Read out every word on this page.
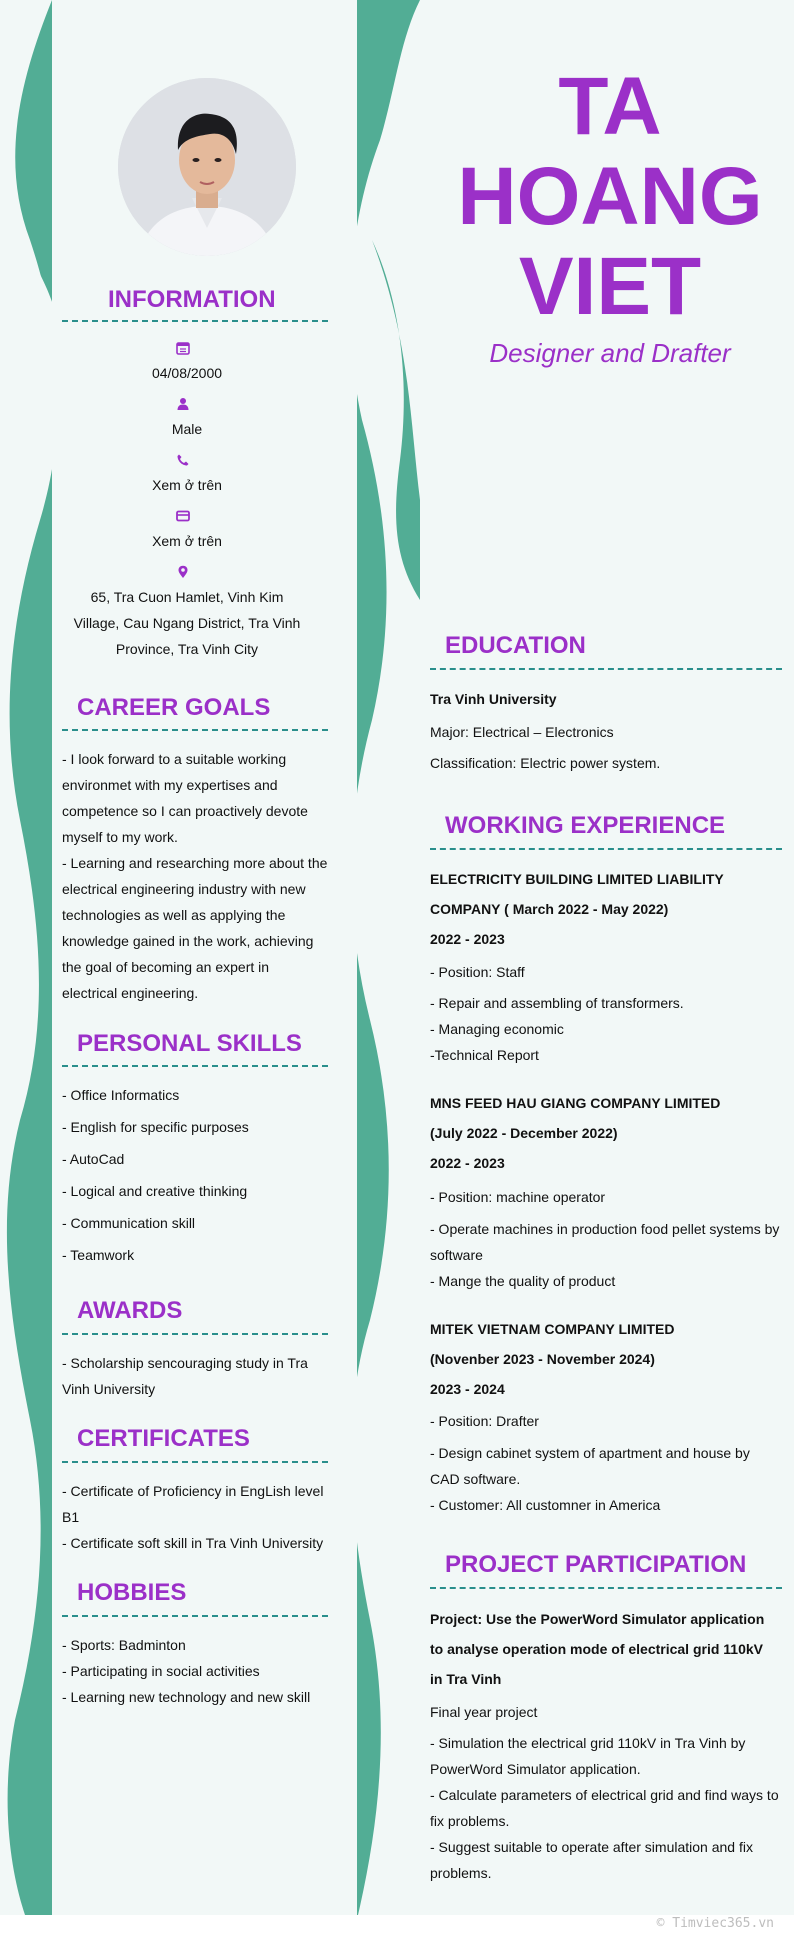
TA
HOANG
VIET
Designer and Drafter
INFORMATION
04/08/2000
Male
Xem ở trên
Xem ở trên
65, Tra Cuon Hamlet, Vinh Kim
Village, Cau Ngang District, Tra Vinh
Province, Tra Vinh City
CAREER GOALS
- I look forward to a suitable working
environmet with my expertises and
competence so I can proactively devote
myself to my work.
- Learning and researching more about the
electrical engineering industry with new
technologies as well as applying the
knowledge gained in the work, achieving
the goal of becoming an expert in
electrical engineering.
PERSONAL SKILLS
- Office Informatics
- English for specific purposes
- AutoCad
- Logical and creative thinking
- Communication skill
- Teamwork
AWARDS
- Scholarship sencouraging study in Tra
Vinh University
CERTIFICATES
- Certificate of Proficiency in EngLish level
B1
- Certificate soft skill in Tra Vinh University
HOBBIES
- Sports: Badminton
- Participating in social activities
- Learning new technology and new skill
EDUCATION
Tra Vinh University
Major: Electrical – Electronics
Classification: Electric power system.
WORKING EXPERIENCE
ELECTRICITY BUILDING LIMITED LIABILITY
COMPANY ( March 2022 - May 2022)
2022 - 2023
- Position: Staff
- Repair and assembling of transformers.
- Managing economic
-Technical Report
MNS FEED HAU GIANG COMPANY LIMITED
(July 2022 - December 2022)
2022 - 2023
- Position: machine operator
- Operate machines in production food pellet systems by
software
- Mange the quality of product
MITEK VIETNAM COMPANY LIMITED
(Novenber 2023 - November 2024)
2023 - 2024
- Position: Drafter
- Design cabinet system of apartment and house by
CAD software.
- Customer: All customner in America
PROJECT PARTICIPATION
Project: Use the PowerWord Simulator application
to analyse operation mode of electrical grid 110kV
in Tra Vinh
Final year project
- Simulation the electrical grid 110kV in Tra Vinh by
PowerWord Simulator application.
- Calculate parameters of electrical grid and find ways to
fix problems.
- Suggest suitable to operate after simulation and fix
problems.
© Timviec365.vn
